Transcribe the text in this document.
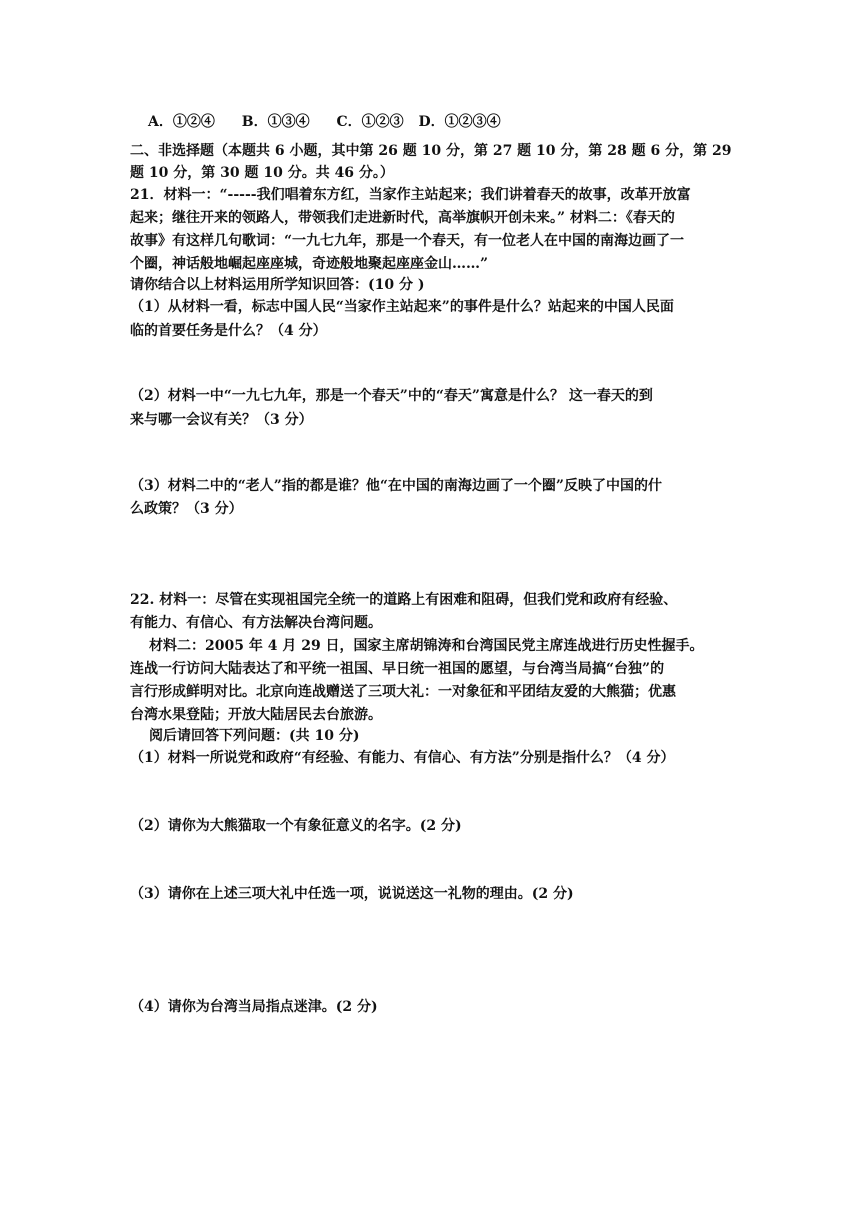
A．①②④ B．①③④ C．①②③ D．①②③④
二、非选择题（本题共 6 小题，其中第 26 题 10 分，第 27 题 10 分，第 28 题 6 分，第 29
题 10 分，第 30 题 10 分。共 46 分。）
21．材料一：“-----我们唱着东方红，当家作主站起来；我们讲着春天的故事，改革开放富
起来；继往开来的领路人，带领我们走进新时代，高举旗帜开创未来。” 材料二：《春天的
故事》有这样几句歌词：“一九七九年，那是一个春天，有一位老人在中国的南海边画了一
个圈，神话般地崛起座座城，奇迹般地聚起座座金山……”
请你结合以上材料运用所学知识回答：(10 分 )
（1）从材料一看，标志中国人民“当家作主站起来”的事件是什么？站起来的中国人民面
临的首要任务是什么？（4 分）
（2）材料一中“一九七九年，那是一个春天”中的“春天”寓意是什么？ 这一春天的到
来与哪一会议有关？（3 分）
（3）材料二中的“老人”指的都是谁？他“在中国的南海边画了一个圈”反映了中国的什
么政策？（3 分）
22. 材料一：尽管在实现祖国完全统一的道路上有困难和阻碍，但我们党和政府有经验、
有能力、有信心、有方法解决台湾问题。
材料二：2005 年 4 月 29 日，国家主席胡锦涛和台湾国民党主席连战进行历史性握手。
连战一行访问大陆表达了和平统一祖国、早日统一祖国的愿望，与台湾当局搞“台独”的
言行形成鲜明对比。北京向连战赠送了三项大礼：一对象征和平团结友爱的大熊猫；优惠
台湾水果登陆；开放大陆居民去台旅游。
阅后请回答下列问题：(共 10 分)
（1）材料一所说党和政府“有经验、有能力、有信心、有方法”分别是指什么？（4 分）
（2）请你为大熊猫取一个有象征意义的名字。(2 分)
（3）请你在上述三项大礼中任选一项，说说送这一礼物的理由。(2 分)
（4）请你为台湾当局指点迷津。(2 分)
